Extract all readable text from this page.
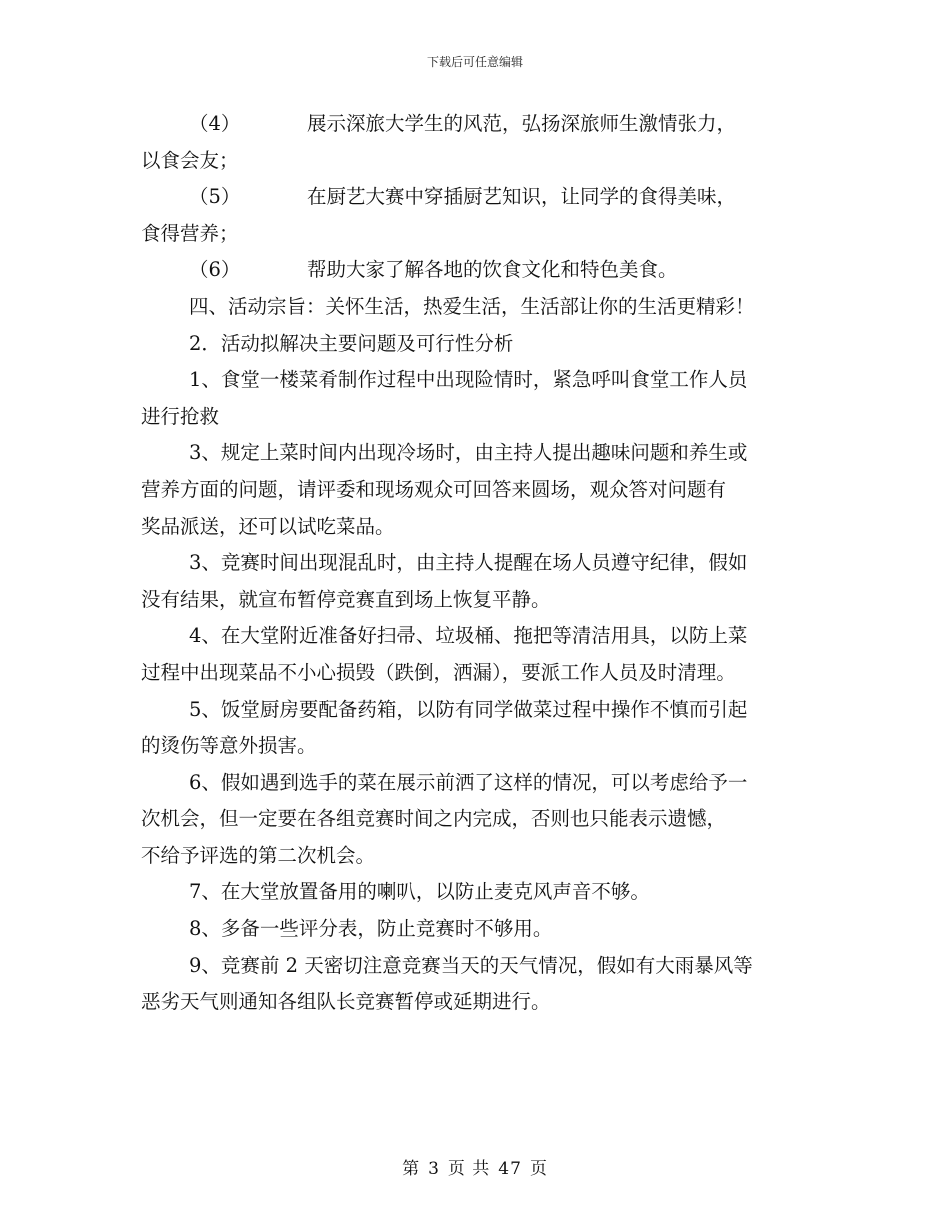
下载后可任意编辑
（4）	展示深旅大学生的风范，弘扬深旅师生激情张力，
以食会友；
（5）	在厨艺大赛中穿插厨艺知识，让同学的食得美味，
食得营养；
（6）	帮助大家了解各地的饮食文化和特色美食。
四、活动宗旨：关怀生活，热爱生活，生活部让你的生活更精彩！
2．活动拟解决主要问题及可行性分析
1、食堂一楼菜肴制作过程中出现险情时，紧急呼叫食堂工作人员
进行抢救
3、规定上菜时间内出现冷场时，由主持人提出趣味问题和养生或
营养方面的问题，请评委和现场观众可回答来圆场，观众答对问题有
奖品派送，还可以试吃菜品。
3、竞赛时间出现混乱时，由主持人提醒在场人员遵守纪律，假如
没有结果，就宣布暂停竞赛直到场上恢复平静。
4、在大堂附近准备好扫帚、垃圾桶、拖把等清洁用具，以防上菜
过程中出现菜品不小心损毁（跌倒，洒漏），要派工作人员及时清理。
5、饭堂厨房要配备药箱，以防有同学做菜过程中操作不慎而引起
的烫伤等意外损害。
6、假如遇到选手的菜在展示前洒了这样的情况，可以考虑给予一
次机会，但一定要在各组竞赛时间之内完成，否则也只能表示遗憾，
不给予评选的第二次机会。
7、在大堂放置备用的喇叭，以防止麦克风声音不够。
8、多备一些评分表，防止竞赛时不够用。
9、竞赛前 2 天密切注意竞赛当天的天气情况，假如有大雨暴风等
恶劣天气则通知各组队长竞赛暂停或延期进行。
第 3 页 共 47 页
